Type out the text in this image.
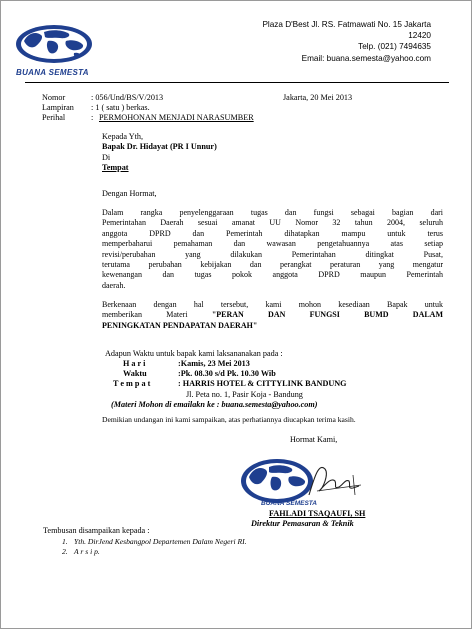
BUANA SEMESTA
Plaza D'Best Jl. RS. Fatmawati No. 15 Jakarta
12420
Telp. (021) 7494635
Email: buana.semesta@yahoo.com
Nomor	: 056/Und/BS/V/2013	Jakarta, 20 Mei 2013
Lampiran : 1 ( satu ) berkas.
Perihal	: PERMOHONAN MENJADI NARASUMBER
Kepada Yth,
Bapak Dr. Hidayat (PR I Unnur)
Di
Tempat
Dengan Hormat,
Dalam rangka penyelenggaraan tugas dan fungsi sebagai bagian dari
Pemerintahan Daerah sesuai amanat UU Nomor 32 tahun 2004, seluruh
anggota DPRD dan Pemerintah dihatapkan mampu untuk terus
memperbaharui pemahaman dan wawasan pengetahuannya atas setiap
revisi/perubahan yang dilakukan Pemerintahan ditingkat Pusat,
terutama perubahan kebijakan dan perangkat peraturan yang mengatur
kewenangan dan tugas pokok anggota DPRD maupun Pemerintah
daerah.
Berkenaan dengan hal tersebut, kami mohon kesediaan Bapak untuk
memberikan Materi "PERAN DAN FUNGSI BUMD DALAM
PENINGKATAN PENDAPATAN DAERAH"
Adapun Waktu untuk bapak kami laksananakan pada :
H a r i	:Kamis, 23 Mei 2013
Waktu	:Pk. 08.30 s/d Pk. 10.30 Wib
T e m p a t	: HARRIS HOTEL & CITTYLINK BANDUNG
Jl. Peta no. 1, Pasir Koja - Bandung
(Materi Mohon di emailakn ke : buana.semesta@yahoo.com)
Demikian undangan ini kami sampaikan, atas perhatiannya diucapkan terima kasih.
Hormat Kami,
BUANA SEMESTA
FAHLADI TSAQAUFI, SH
Direktur Pemasaran & Teknik
Tembusan disampaikan kepada :
1. Yth. DirJend Kesbangpol Departemen Dalam Negeri RI.
2. A r s i p.
